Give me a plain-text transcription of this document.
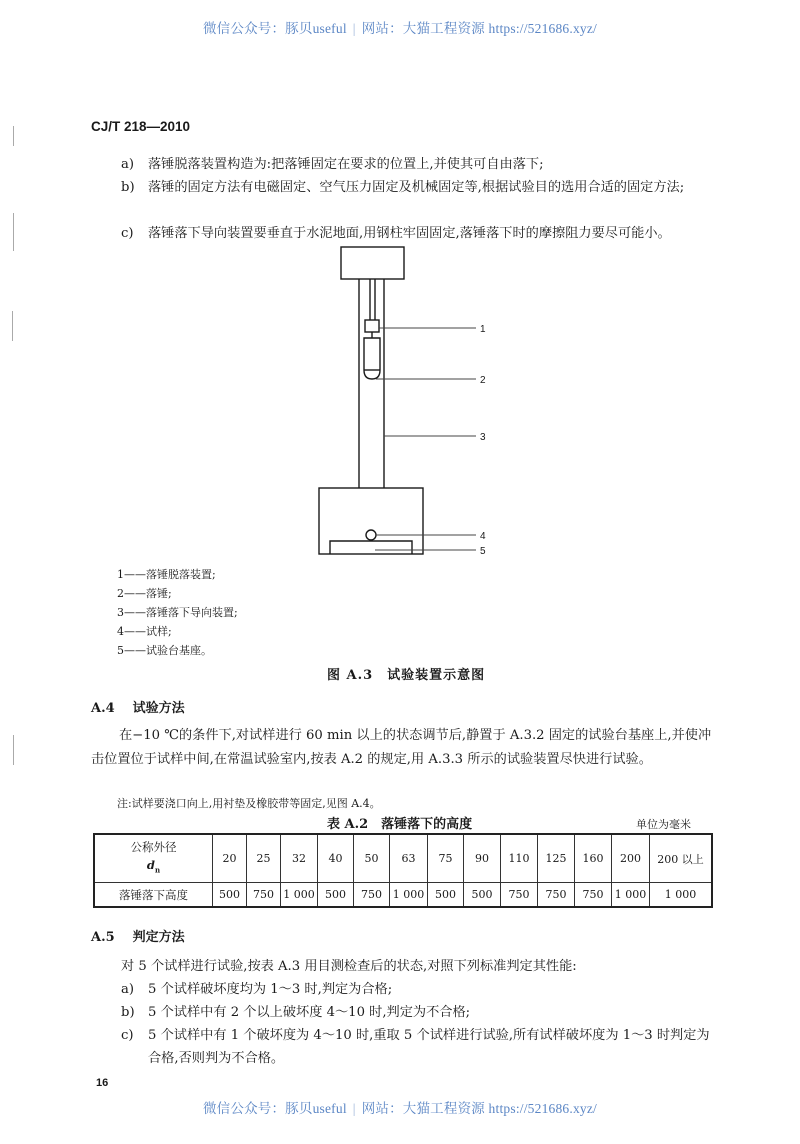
微信公众号：豚贝useful | 网站：大猫工程资源 https://521686.xyz/
CJ/T 218—2010
a)	落锤脱落装置构造为:把落锤固定在要求的位置上,并使其可自由落下;
b)	落锤的固定方法有电磁固定、空气压力固定及机械固定等,根据试验目的选用合适的固定方法;
c)	落锤落下导向装置要垂直于水泥地面,用钢柱牢固固定,落锤落下时的摩擦阻力要尽可能小。
1
2
3
4
5
1——落锤脱落装置;
2——落锤;
3——落锤落下导向装置;
4——试样;
5——试验台基座。
图 A.3　试验装置示意图
A.4 试验方法
在−10 ℃的条件下,对试样进行 60 min 以上的状态调节后,静置于 A.3.2 固定的试验台基座上,并使冲击位置位于试样中间,在常温试验室内,按表 A.2 的规定,用 A.3.3 所示的试验装置尽快进行试验。
注:试样要浇口向上,用衬垫及橡胶带等固定,见图 A.4。
表 A.2　落锤落下的高度	单位为毫米
公称外径
$d_n$	20	25	32	40	50	63	75	90	110	125	160	200	200 以上
落锤落下高度	500	750	1 000	500	750	1 000	500	500	750	750	750	1 000	1 000
A.5 判定方法
对 5 个试样进行试验,按表 A.3 用目测检查后的状态,对照下列标准判定其性能:
a)	5 个试样破坏度均为 1～3 时,判定为合格;
b)	5 个试样中有 2 个以上破坏度 4～10 时,判定为不合格;
c)	5 个试样中有 1 个破坏度为 4～10 时,重取 5 个试样进行试验,所有试样破坏度为 1～3 时判定为合格,否则判为不合格。
16
微信公众号：豚贝useful | 网站：大猫工程资源 https://521686.xyz/
